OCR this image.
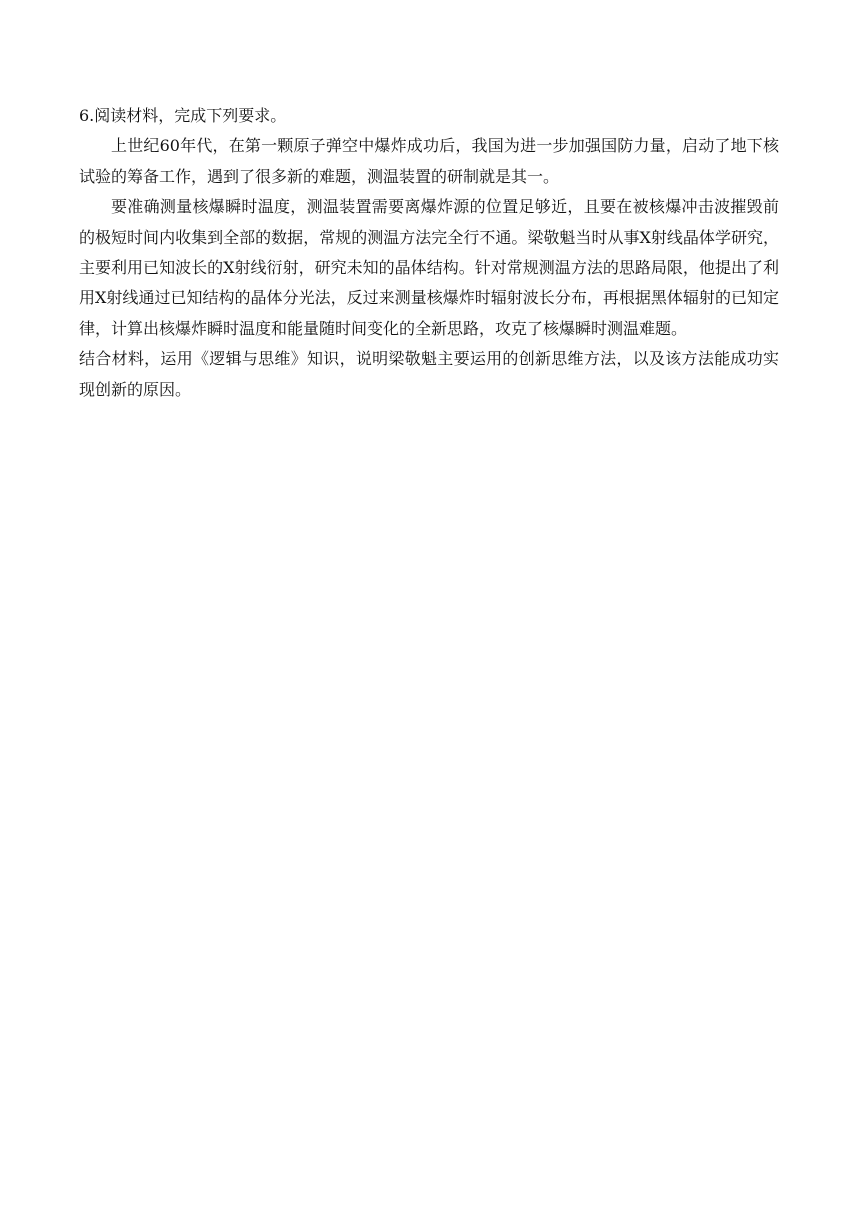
6.阅读材料，完成下列要求。

上世纪60年代，在第一颗原子弹空中爆炸成功后，我国为进一步加强国防力量，启动了地下核试验的筹备工作，遇到了很多新的难题，测温装置的研制就是其一。

要准确测量核爆瞬时温度，测温装置需要离爆炸源的位置足够近，且要在被核爆冲击波摧毁前的极短时间内收集到全部的数据，常规的测温方法完全行不通。梁敬魁当时从事X射线晶体学研究，主要利用已知波长的X射线衍射，研究未知的晶体结构。针对常规测温方法的思路局限，他提出了利用X射线通过已知结构的晶体分光法，反过来测量核爆炸时辐射波长分布，再根据黑体辐射的已知定律，计算出核爆炸瞬时温度和能量随时间变化的全新思路，攻克了核爆瞬时测温难题。

结合材料，运用《逻辑与思维》知识，说明梁敬魁主要运用的创新思维方法，以及该方法能成功实现创新的原因。
